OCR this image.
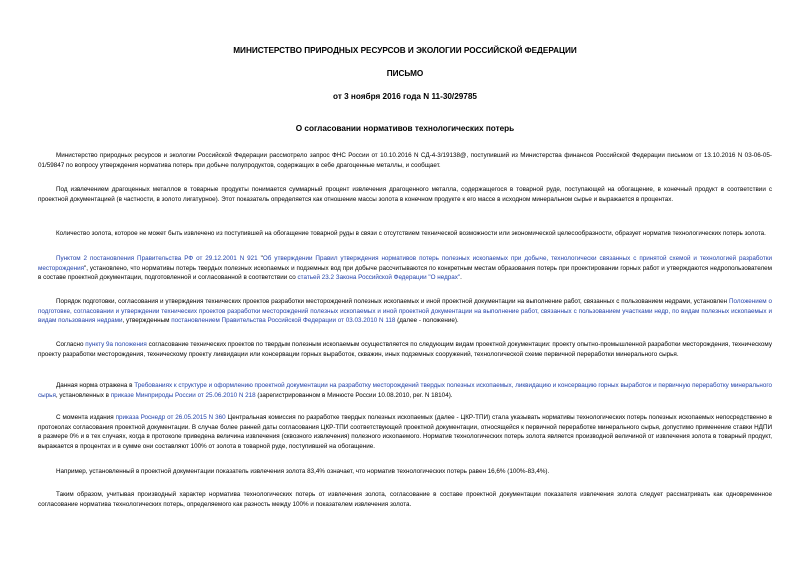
МИНИСТЕРСТВО ПРИРОДНЫХ РЕСУРСОВ И ЭКОЛОГИИ РОССИЙСКОЙ ФЕДЕРАЦИИ
ПИСЬМО
от 3 ноября 2016 года N 11-30/29785
О согласовании нормативов технологических потерь

Министерство природных ресурсов и экологии Российской Федерации рассмотрело запрос ФНС России от 10.10.2016 N СД-4-3/19138@, поступивший из Министерства финансов Российской Федерации письмом от 13.10.2016 N 03-06-05-01/59847 по вопросу утверждения норматива потерь при добыче полупродуктов, содержащих в себе драгоценные металлы, и сообщает.

Под извлечением драгоценных металлов в товарные продукты понимается суммарный процент извлечения драгоценного металла, содержащегося в товарной руде, поступающей на обогащение, в конечный продукт в соответствии с проектной документацией (в частности, в золото лигатурное). Этот показатель определяется как отношение массы золота в конечном продукте к его массе в исходном минеральном сырье и выражается в процентах.

Количество золота, которое не может быть извлечено из поступившей на обогащение товарной руды в связи с отсутствием технической возможности или экономической целесообразности, образует норматив технологических потерь золота.

Пунктом 2 постановления Правительства РФ от 29.12.2001 N 921 "Об утверждении Правил утверждения нормативов потерь полезных ископаемых при добыче, технологически связанных с принятой схемой и технологией разработки месторождения", установлено, что нормативы потерь твердых полезных ископаемых и подземных вод при добыче рассчитываются по конкретным местам образования потерь при проектировании горных работ и утверждаются недропользователем в составе проектной документации, подготовленной и согласованной в соответствии со статьей 23.2 Закона Российской Федерации "О недрах".

Порядок подготовки, согласования и утверждения технических проектов разработки месторождений полезных ископаемых и иной проектной документации на выполнение работ, связанных с пользованием недрами, установлен Положением о подготовке, согласовании и утверждении технических проектов разработки месторождений полезных ископаемых и иной проектной документации на выполнение работ, связанных с пользованием участками недр, по видам полезных ископаемых и видам пользования недрами, утвержденным постановлением Правительства Российской Федерации от 03.03.2010 N 118 (далее - положение).

Согласно пункту 9а положения согласование технических проектов по твердым полезным ископаемым осуществляется по следующим видам проектной документации: проекту опытно-промышленной разработки месторождения, техническому проекту разработки месторождения, техническому проекту ликвидации или консервации горных выработок, скважин, иных подземных сооружений, технологической схеме первичной переработки минерального сырья.

Данная норма отражена в Требованиях к структуре и оформлению проектной документации на разработку месторождений твердых полезных ископаемых, ликвидацию и консервацию горных выработок и первичную переработку минерального сырья, установленных в приказе Минприроды России от 25.06.2010 N 218 (зарегистрированном в Минюсте России 10.08.2010, рег. N 18104).

С момента издания приказа Роснедр от 26.05.2015 N 360 Центральная комиссия по разработке твердых полезных ископаемых (далее - ЦКР-ТПИ) стала указывать нормативы технологических потерь полезных ископаемых непосредственно в протоколах согласования проектной документации. В случае более ранней даты согласования ЦКР-ТПИ соответствующей проектной документации, относящейся к первичной переработке минерального сырья, допустимо применение ставки НДПИ в размере 0% и в тех случаях, когда в протоколе приведена величина извлечения (сквозного извлечения) полезного ископаемого. Норматив технологических потерь золота является производной величиной от извлечения золота в товарный продукт, выражается в процентах и в сумме они составляют 100% от золота в товарной руде, поступившей на обогащение.

Например, установленный в проектной документации показатель извлечения золота 83,4% означает, что норматив технологических потерь равен 16,6% (100%-83,4%).

Таким образом, учитывая производный характер норматива технологических потерь от извлечения золота, согласование в составе проектной документации показателя извлечения золота следует рассматривать как одновременное согласование норматива технологических потерь, определяемого как разность между 100% и показателем извлечения золота.
